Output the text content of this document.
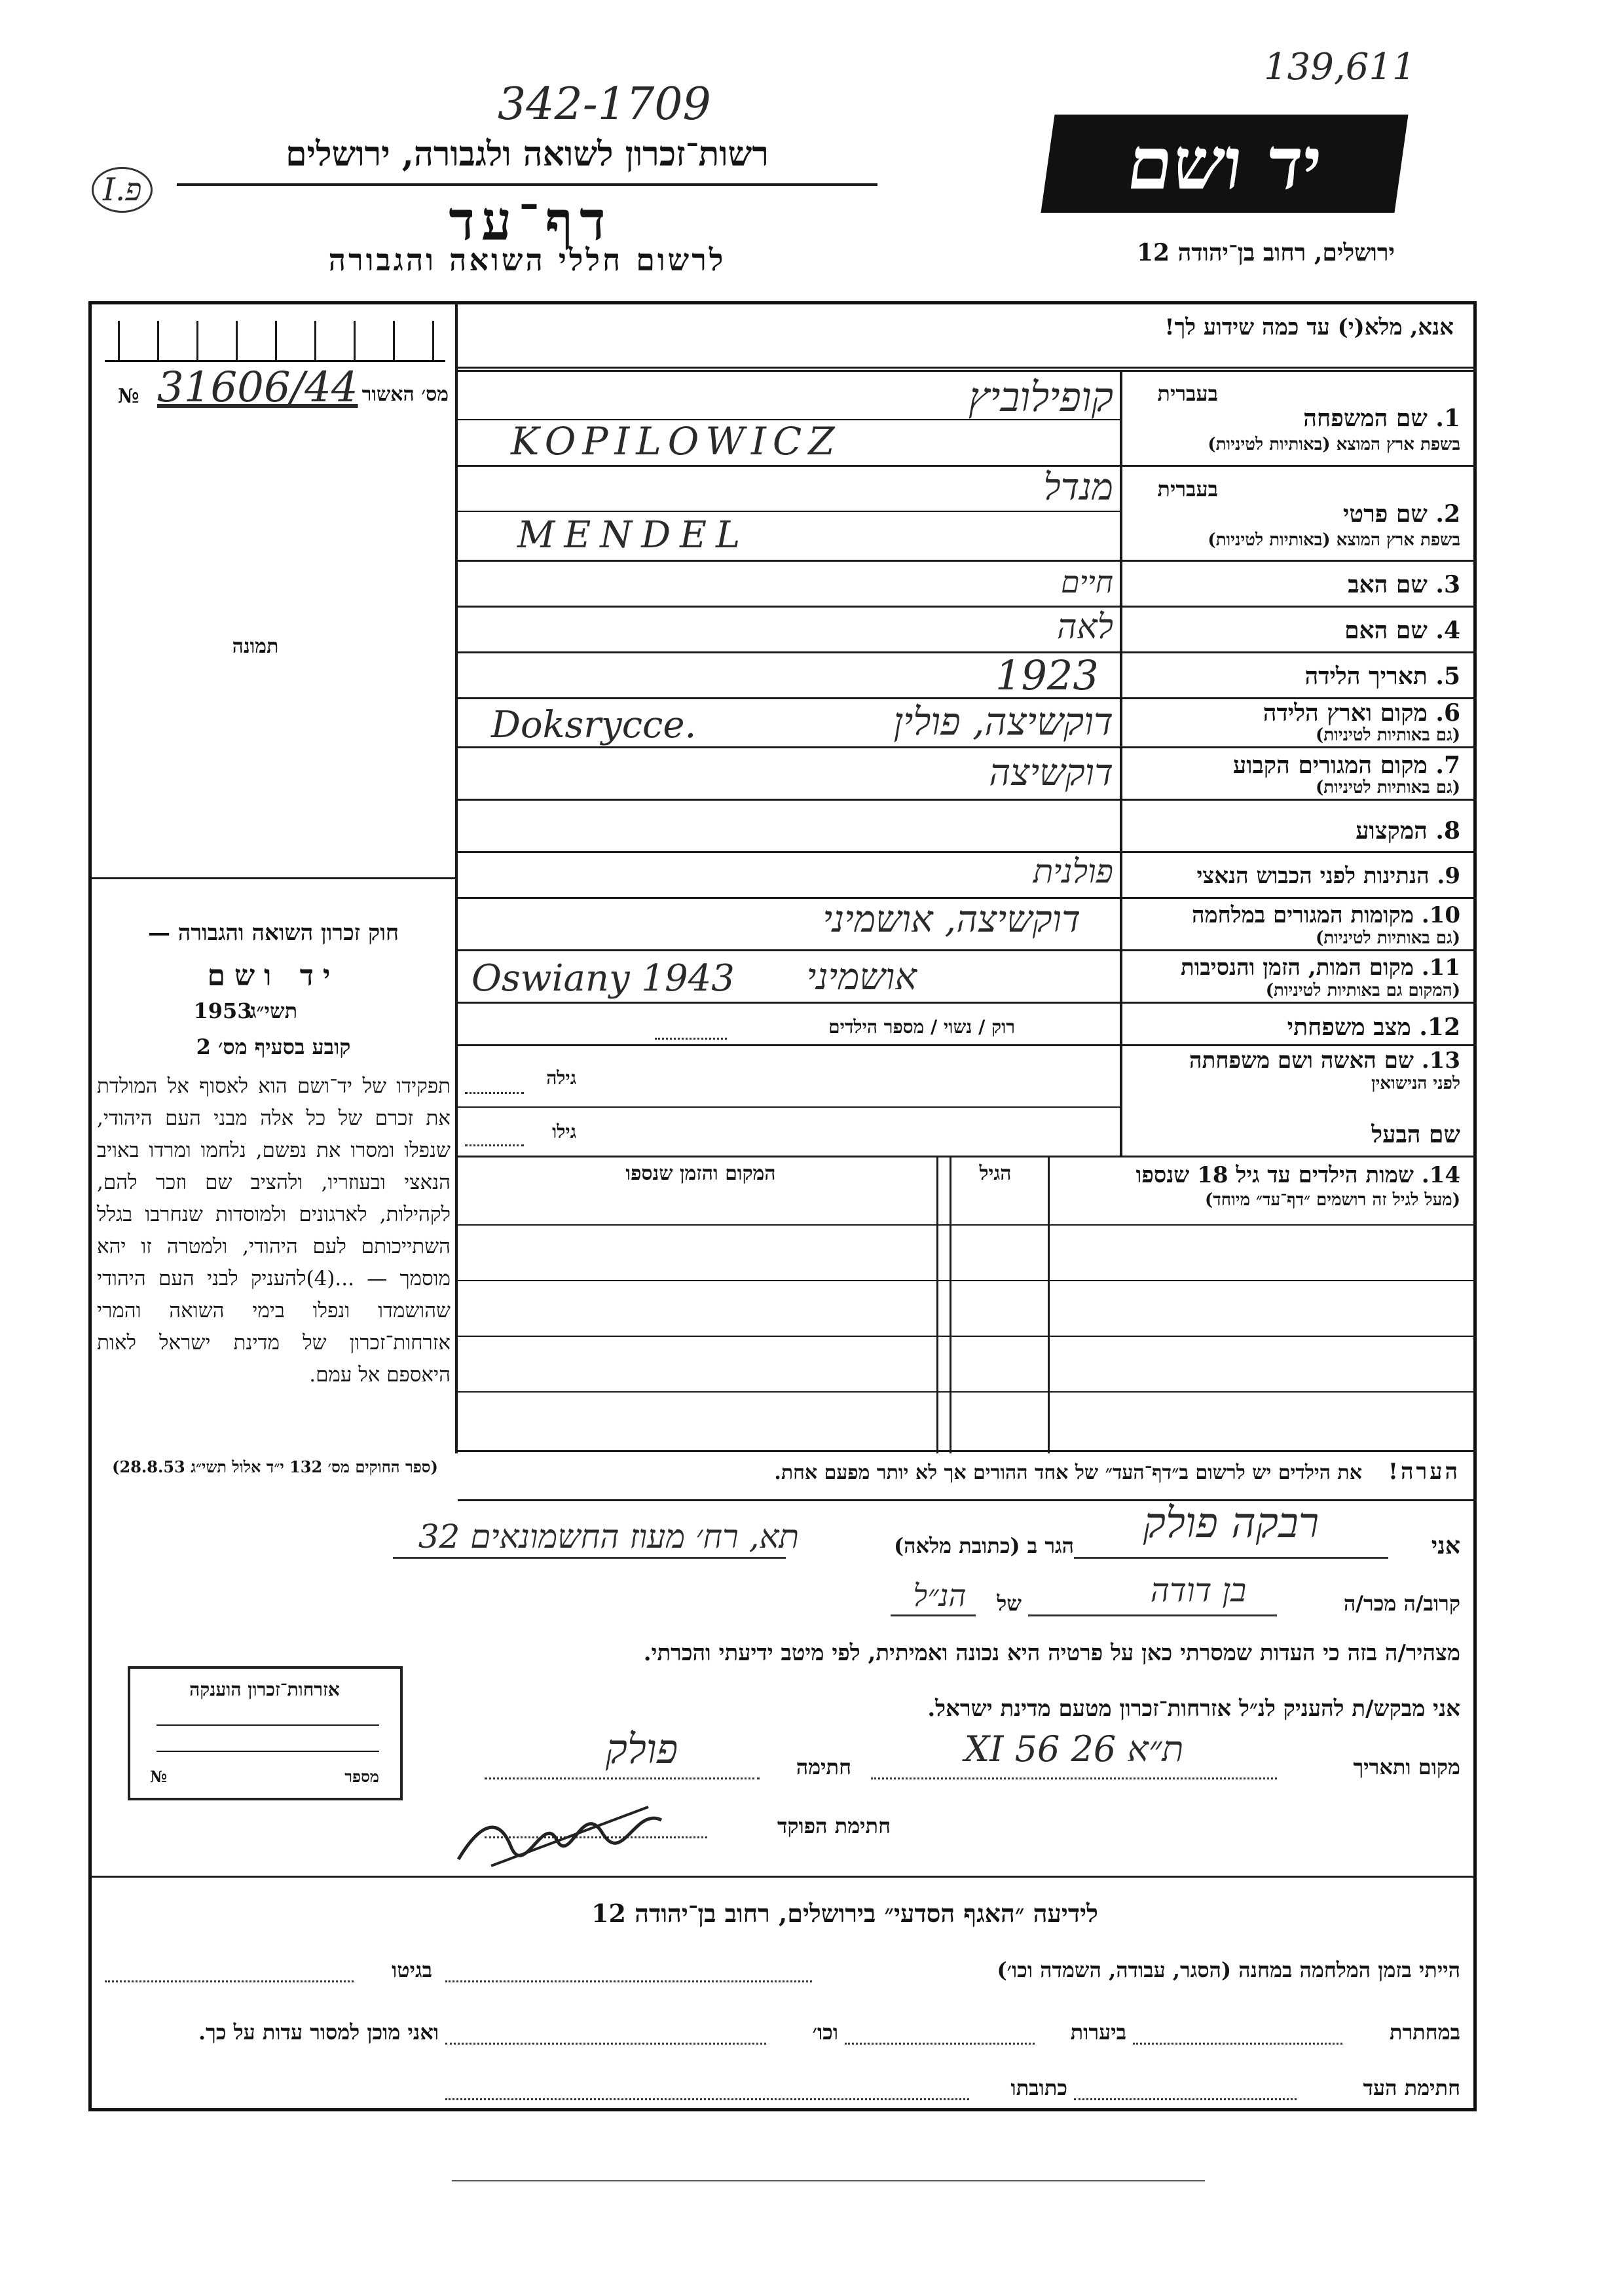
139,611
342-1709
פ.I
רשות־זכרון לשואה ולגבורה, ירושלים
דף־עד
לרשום חללי השואה והגבורה
יד ושם
ירושלים, רחוב בן־יהודה 12
אנא, מלא(י) עד כמה שידוע לך!
מס׳ האשור
31606/44
№
תמונה
חוק זכרון השואה והגבורה —
יד ושם
תשי״ג
1953
קובע בסעיף מס׳ 2
תפקידו של יד־ושם הוא לאסוף אל המולדת את זכרם של כל אלה מבני העם היהודי, שנפלו ומסרו את נפשם, נלחמו ומרדו באויב הנאצי ובעוזריו, ולהציב שם וזכר להם, לקהילות, לארגונים ולמוסדות שנחרבו בגלל השתייכותם לעם היהודי, ולמטרה זו יהא מוסמך — ...(4)להעניק לבני העם היהודי שהושמדו ונפלו בימי השואה והמרי אזרחות־זכרון של מדינת ישראל לאות היאספם אל עמם.
(ספר החוקים מס׳ 132 י״ד אלול תשי״ג 28.8.53)
בעברית
1. שם המשפחה
בשפת ארץ המוצא (באותיות לטיניות)
קופילוביץ
KOPILOWICZ
בעברית
2. שם פרטי
בשפת ארץ המוצא (באותיות לטיניות)
מנדל
MENDEL
3. שם האב
חיים
4. שם האם
לאה
5. תאריך הלידה
1923
6. מקום וארץ הלידה
(גם באותיות לטיניות)
דוקשיצה, פולין
Doksrycce.
7. מקום המגורים הקבוע
(גם באותיות לטיניות)
דוקשיצה
8. המקצוע
9. הנתינות לפני הכבוש הנאצי
פולנית
10. מקומות המגורים במלחמה
(גם באותיות לטיניות)
דוקשיצה, אושמיני
11. מקום המות, הזמן והנסיבות
(המקום גם באותיות לטיניות)
אושמיני
Oswiany 1943
12. מצב משפחתי
רוק / נשוי / מספר הילדים
13. שם האשה ושם משפחתה
לפני הנישואין
גילה
שם הבעל
גילו
14. שמות הילדים עד גיל 18 שנספו
(מעל לגיל זה רושמים ״דף־עד״ מיוחד)
הגיל
המקום והזמן שנספו
הערה!
את הילדים יש לרשום ב״דף־העד״ של אחד ההורים אך לא יותר מפעם אחת.
אני
רבקה פולק
הגר ב (כתובת מלאה)
תא, רח׳ מעוז החשמונאים 32
קרוב/ה מכר/ה
בן דודה
של
הנ״ל
מצהיר/ה בזה כי העדות שמסרתי כאן על פרטיה היא נכונה ואמיתית, לפי מיטב ידיעתי והכרתי.
אני מבקש/ת להעניק לנ״ל אזרחות־זכרון מטעם מדינת ישראל.
מקום ותאריך
ת״א 26 XI 56
חתימה
פולק
חתימת הפוקד
אזרחות־זכרון הוענקה
מספר
№
לידיעה ״האגף הסדעי״ בירושלים, רחוב בן־יהודה 12
הייתי בזמן המלחמה במחנה (הסגר, עבודה, השמדה וכו׳)
בגיטו
במחתרת
ביערות
וכו׳
ואני מוכן למסור עדות על כך.
חתימת העד
כתובתו
